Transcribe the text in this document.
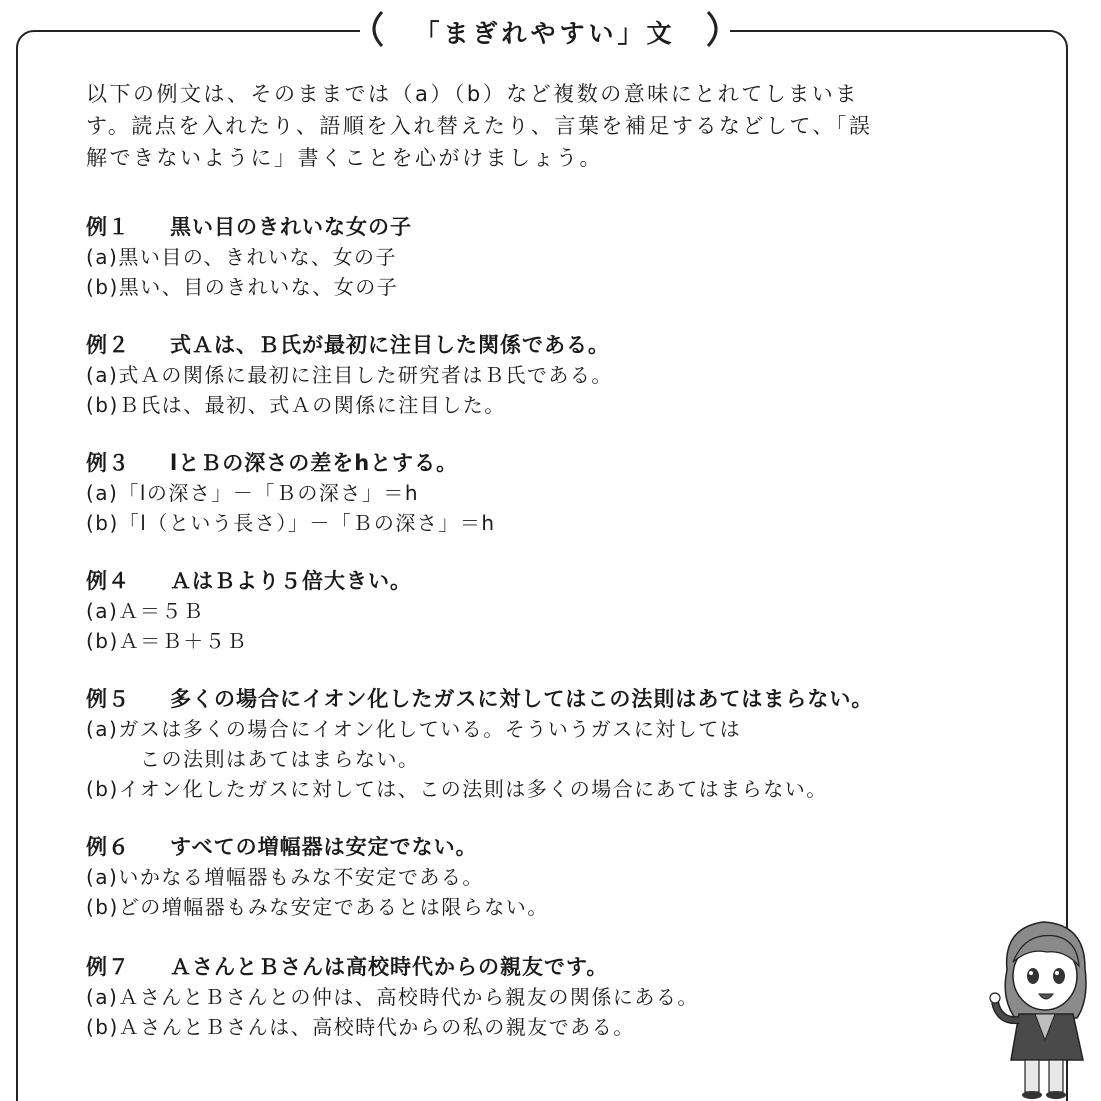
「まぎれやすい」文

以下の例文は、そのままでは（a）（b）など複数の意味にとれてしまいま

す。読点を入れたり、語順を入れ替えたり、言葉を補足するなどして、「誤

解できないように」書くことを心がけましょう。

例１ 黒い目のきれいな女の子
(a)黒い目の、きれいな、女の子
(b)黒い、目のきれいな、女の子
例２ 式Ａは、Ｂ氏が最初に注目した関係である。
(a)式Ａの関係に最初に注目した研究者はＢ氏である。
(b)Ｂ氏は、最初、式Ａの関係に注目した。
例３ lとＢの深さの差をhとする。
(a)「lの深さ」－「Ｂの深さ」＝h
(b)「l（という長さ）」－「Ｂの深さ」＝h
例４ ＡはＢより５倍大きい。
(a)Ａ＝５Ｂ
(b)Ａ＝Ｂ＋５Ｂ
例５ 多くの場合にイオン化したガスに対してはこの法則はあてはまらない。
(a)ガスは多くの場合にイオン化している。そういうガスに対しては
この法則はあてはまらない。
(b)イオン化したガスに対しては、この法則は多くの場合にあてはまらない。
例６ すべての増幅器は安定でない。
(a)いかなる増幅器もみな不安定である。
(b)どの増幅器もみな安定であるとは限らない。
例７ ＡさんとＢさんは高校時代からの親友です。
(a)ＡさんとＢさんとの仲は、高校時代から親友の関係にある。
(b)ＡさんとＢさんは、高校時代からの私の親友である。
